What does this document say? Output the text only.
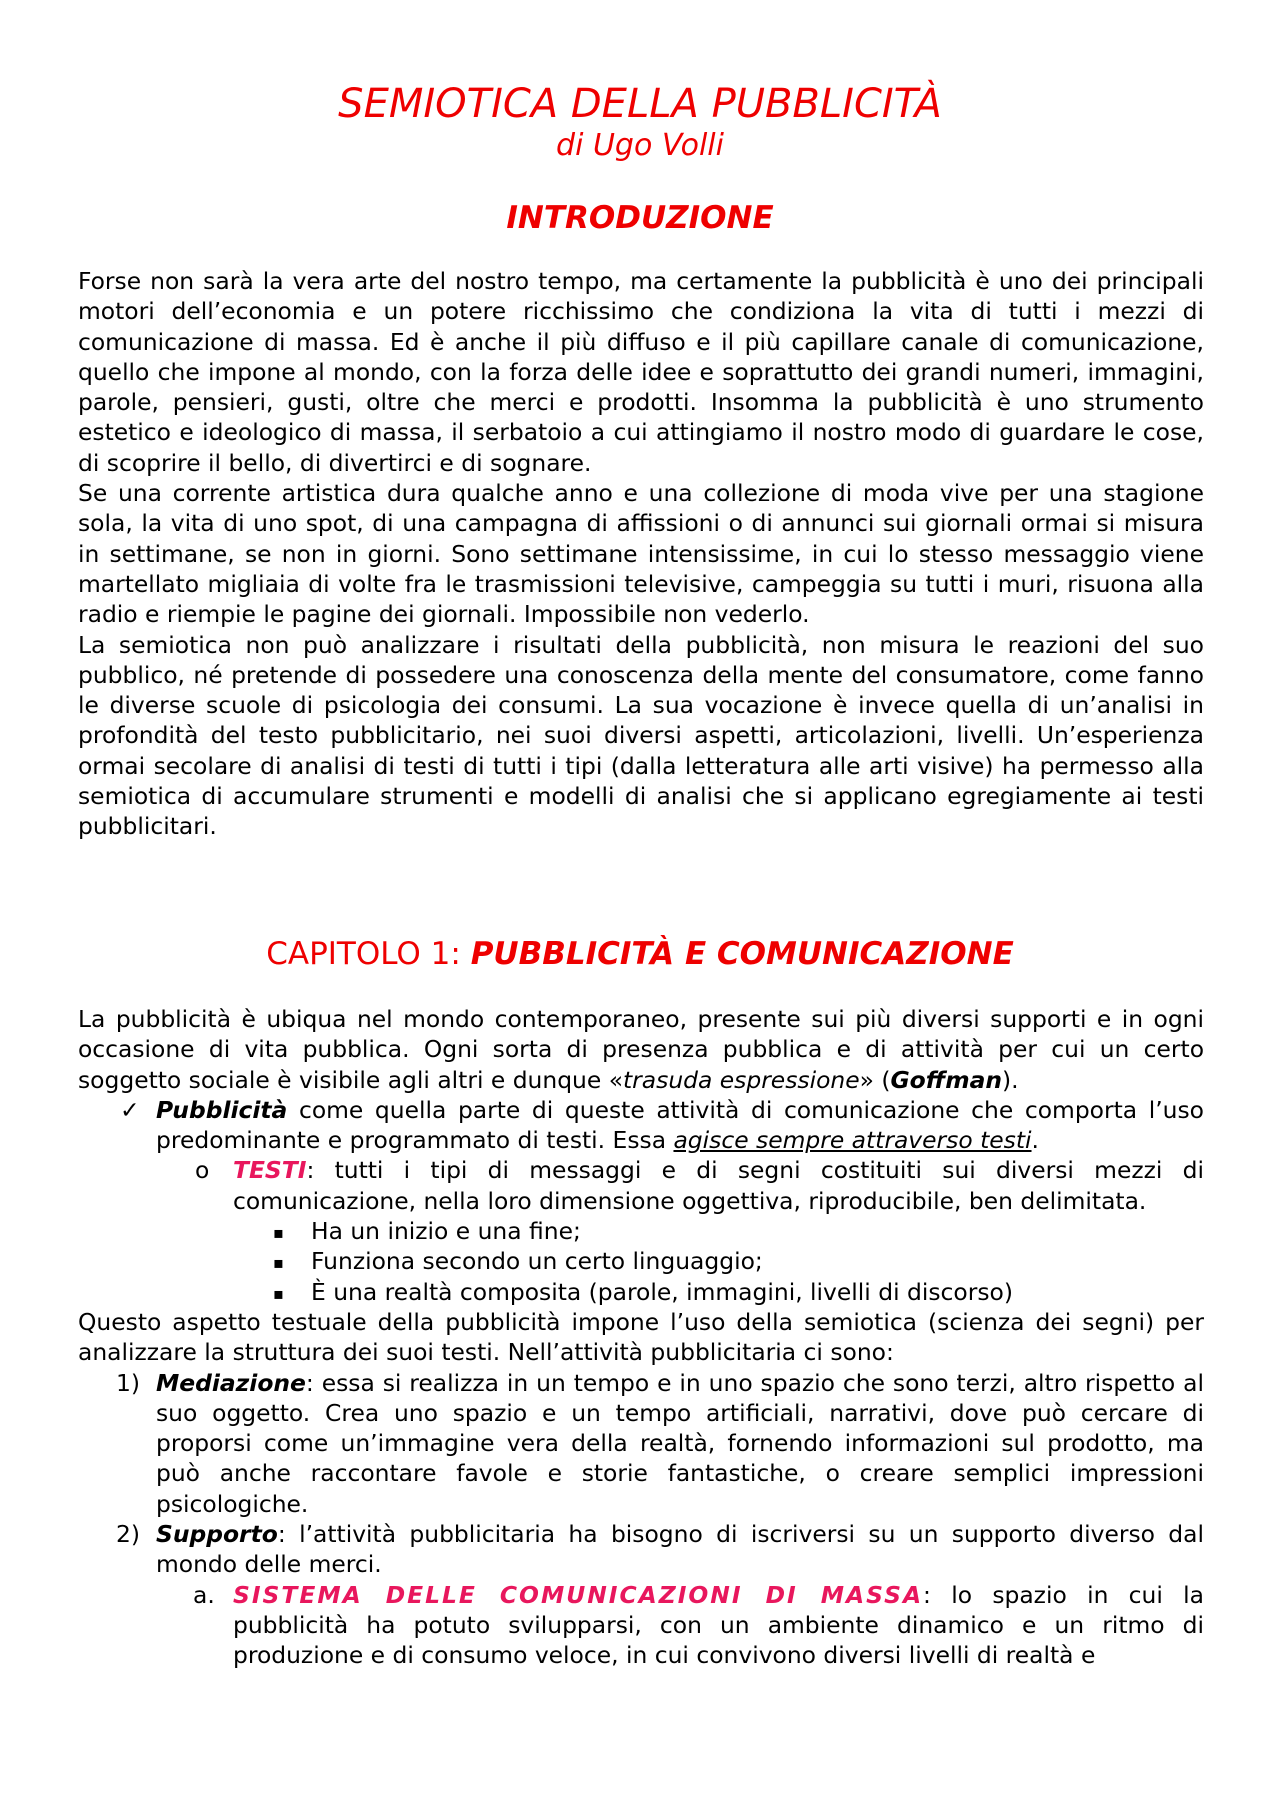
SEMIOTICA DELLA PUBBLICITÀ
di Ugo Volli
INTRODUZIONE

Forse non sarà la vera arte del nostro tempo, ma certamente la pubblicità è uno dei principali motori dell’economia e un potere ricchissimo che condiziona la vita di tutti i mezzi di comunicazione di massa. Ed è anche il più diffuso e il più capillare canale di comunicazione, quello che impone al mondo, con la forza delle idee e soprattutto dei grandi numeri, immagini, parole, pensieri, gusti, oltre che merci e prodotti. Insomma la pubblicità è uno strumento estetico e ideologico di massa, il serbatoio a cui attingiamo il nostro modo di guardare le cose, di scoprire il bello, di divertirci e di sognare.

Se una corrente artistica dura qualche anno e una collezione di moda vive per una stagione sola, la vita di uno spot, di una campagna di affissioni o di annunci sui giornali ormai si misura in settimane, se non in giorni. Sono settimane intensissime, in cui lo stesso messaggio viene martellato migliaia di volte fra le trasmissioni televisive, campeggia su tutti i muri, risuona alla radio e riempie le pagine dei giornali. Impossibile non vederlo.

La semiotica non può analizzare i risultati della pubblicità, non misura le reazioni del suo pubblico, né pretende di possedere una conoscenza della mente del consumatore, come fanno le diverse scuole di psicologia dei consumi. La sua vocazione è invece quella di un’analisi in profondità del testo pubblicitario, nei suoi diversi aspetti, articolazioni, livelli. Un’esperienza ormai secolare di analisi di testi di tutti i tipi (dalla letteratura alle arti visive) ha permesso alla semiotica di accumulare strumenti e modelli di analisi che si applicano egregiamente ai testi pubblicitari.

CAPITOLO 1: PUBBLICITÀ E COMUNICAZIONE

La pubblicità è ubiqua nel mondo contemporaneo, presente sui più diversi supporti e in ogni occasione di vita pubblica. Ogni sorta di presenza pubblica e di attività per cui un certo soggetto sociale è visibile agli altri e dunque «trasuda espressione» (Goffman).

✓ Pubblicità come quella parte di queste attività di comunicazione che comporta l’uso predominante e programmato di testi. Essa agisce sempre attraverso testi.

o TESTI: tutti i tipi di messaggi e di segni costituiti sui diversi mezzi di comunicazione, nella loro dimensione oggettiva, riproducibile, ben delimitata.

▪ Ha un inizio e una fine;

▪ Funziona secondo un certo linguaggio;

▪ È una realtà composita (parole, immagini, livelli di discorso)

Questo aspetto testuale della pubblicità impone l’uso della semiotica (scienza dei segni) per analizzare la struttura dei suoi testi. Nell’attività pubblicitaria ci sono:

1) Mediazione: essa si realizza in un tempo e in uno spazio che sono terzi, altro rispetto al suo oggetto. Crea uno spazio e un tempo artificiali, narrativi, dove può cercare di proporsi come un’immagine vera della realtà, fornendo informazioni sul prodotto, ma può anche raccontare favole e storie fantastiche, o creare semplici impressioni psicologiche.

2) Supporto: l’attività pubblicitaria ha bisogno di iscriversi su un supporto diverso dal mondo delle merci.

a. SISTEMA DELLE COMUNICAZIONI DI MASSA: lo spazio in cui la pubblicità ha potuto svilupparsi, con un ambiente dinamico e un ritmo di produzione e di consumo veloce, in cui convivono diversi livelli di realtà e
